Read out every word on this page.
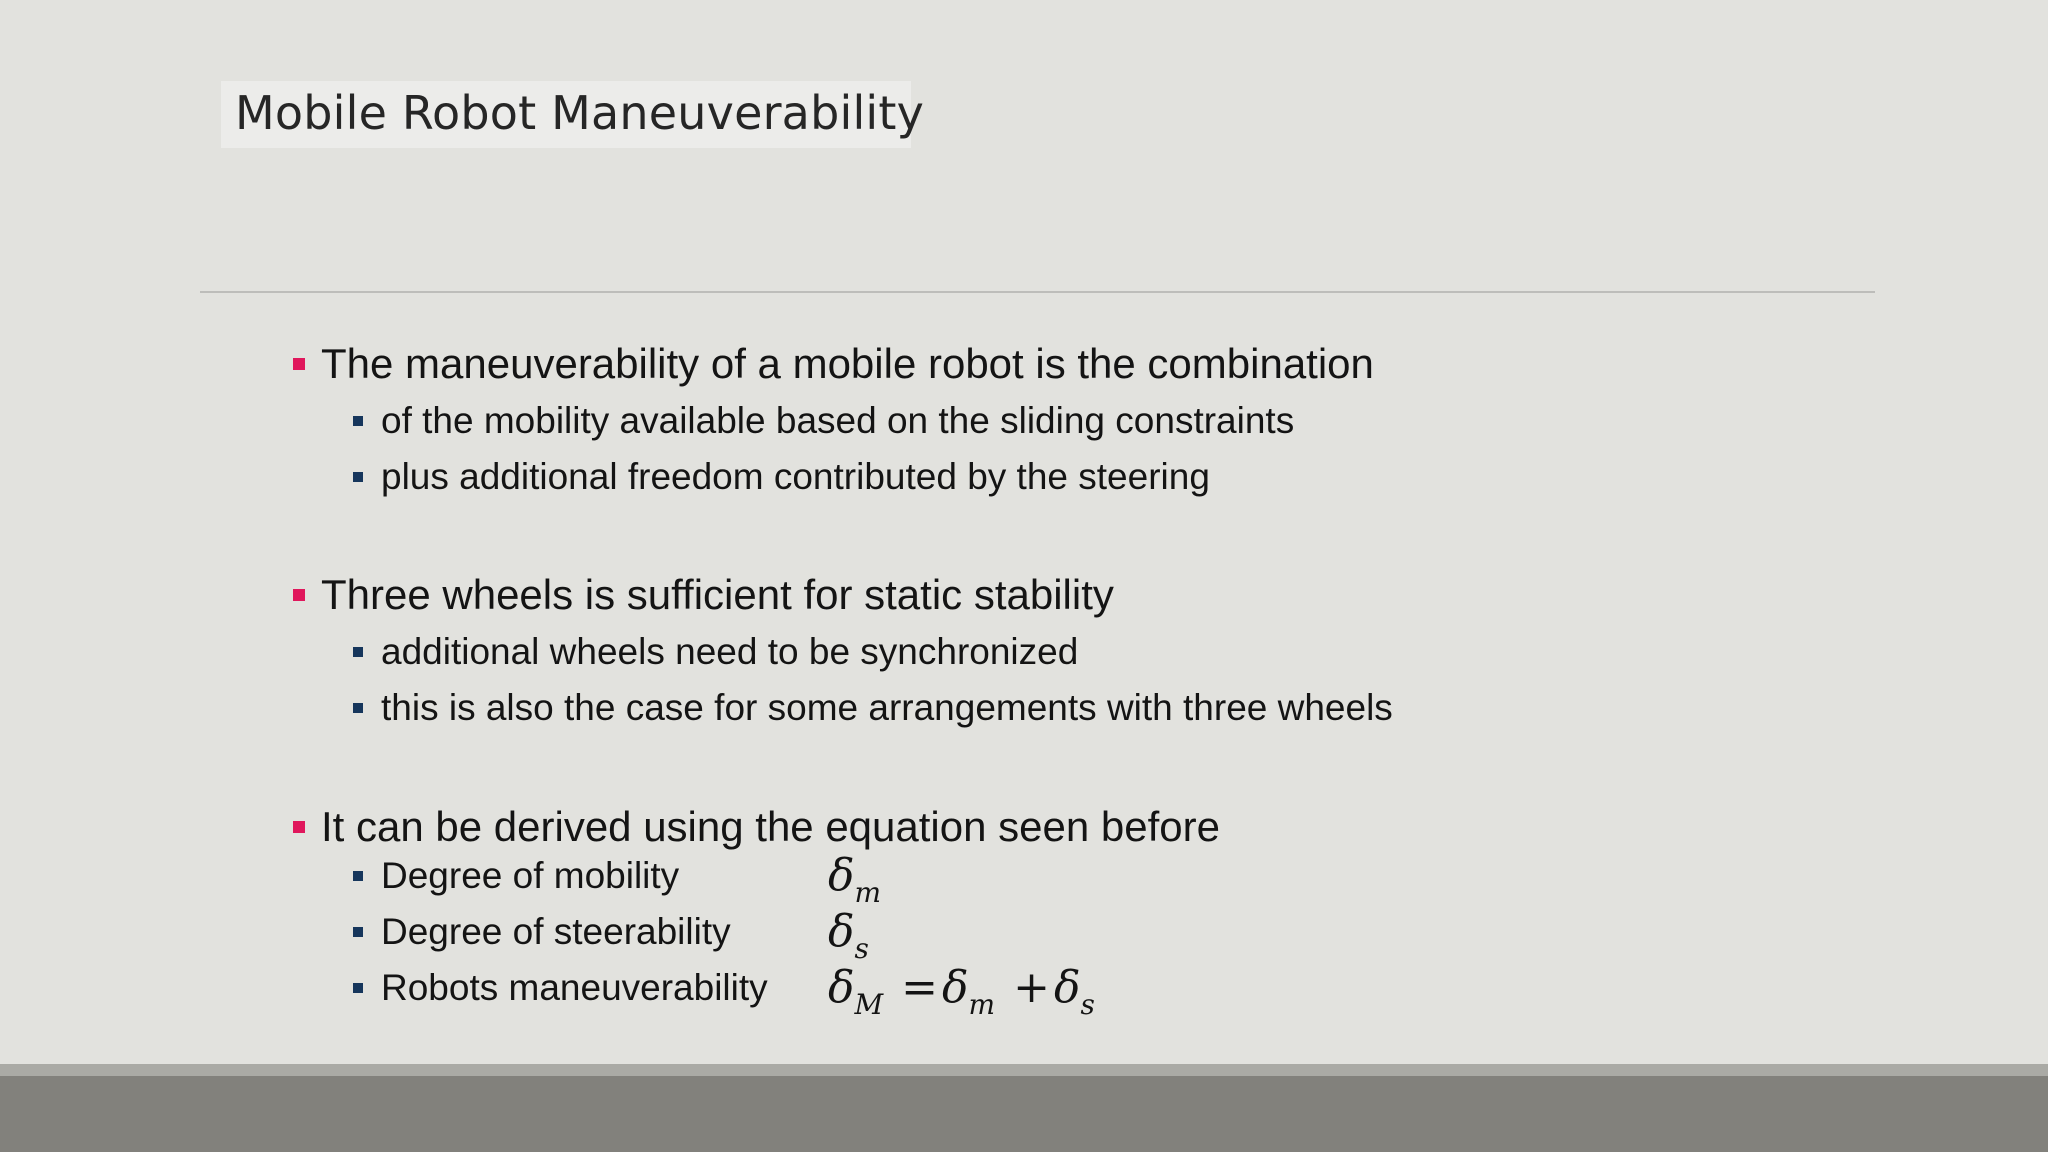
Mobile Robot Maneuverability
The maneuverability of a mobile robot is the combination
of the mobility available based on the sliding constraints
plus additional freedom contributed by the steering
Three wheels is sufficient for static stability
additional wheels need to be synchronized
this is also the case for some arrangements with three wheels
It can be derived using the equation seen before
Degree of mobility
Degree of steerability
Robots maneuverability
$\delta_m$
$\delta_s$
$\delta_M =\delta_m +\delta_s$
